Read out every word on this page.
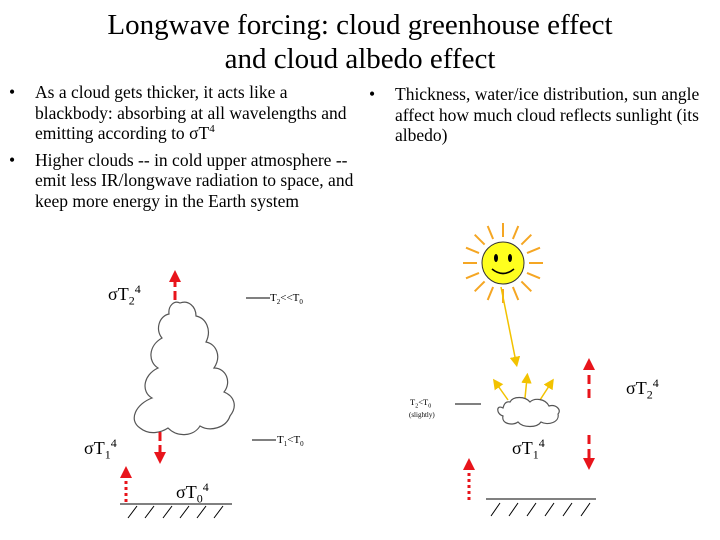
Longwave forcing: cloud greenhouse effect
and cloud albedo effect
• As a cloud gets thicker, it acts like a blackbody: absorbing at all wavelengths and emitting according to $\sigma T^4$
• Higher clouds -- in cold upper atmosphere -- emit less IR/longwave radiation to space, and keep more energy in the Earth system
• Thickness, water/ice distribution, sun angle affect how much cloud reflects sunlight (its albedo)
$\sigma T_2^4$
$T_2<<T_0$
$\sigma T_1^4$	$T_1<T_0$
$\sigma T_0^4$
$\sigma T_2^4$
$\sigma T_1^4$
$T_2<T_0$
(slightly)
